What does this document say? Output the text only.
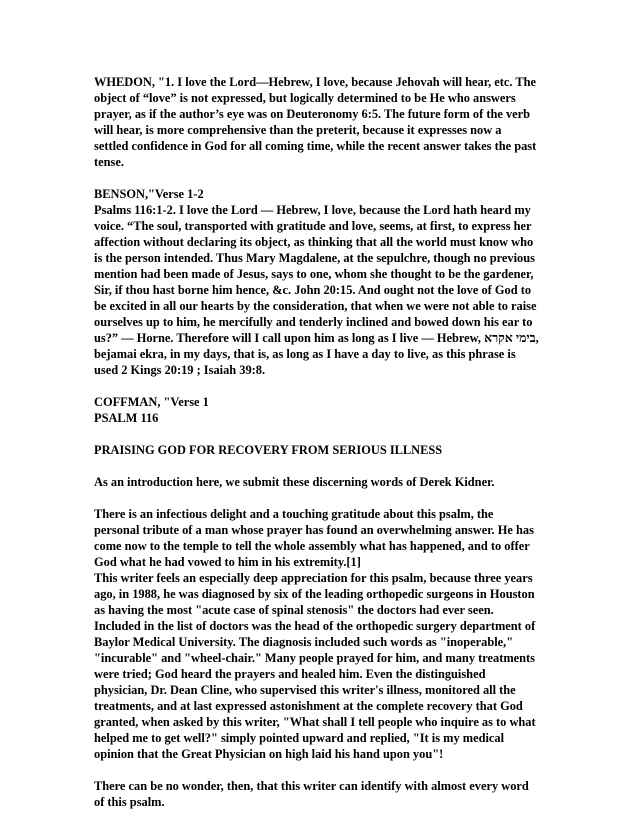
WHEDON, "1. I love the Lord—Hebrew, I love, because Jehovah will hear, etc. The
object of “love” is not expressed, but logically determined to be He who answers
prayer, as if the author’s eye was on Deuteronomy 6:5. The future form of the verb
will hear, is more comprehensive than the preterit, because it expresses now a
settled confidence in God for all coming time, while the recent answer takes the past
tense.
BENSON,"Verse 1-2
Psalms 116:1-2. I love the Lord — Hebrew, I love, because the Lord hath heard my
voice. “The soul, transported with gratitude and love, seems, at first, to express her
affection without declaring its object, as thinking that all the world must know who
is the person intended. Thus Mary Magdalene, at the sepulchre, though no previous
mention had been made of Jesus, says to one, whom she thought to be the gardener,
Sir, if thou hast borne him hence, &c. John 20:15. And ought not the love of God to
be excited in all our hearts by the consideration, that when we were not able to raise
ourselves up to him, he mercifully and tenderly inclined and bowed down his ear to
us?” — Horne. Therefore will I call upon him as long as I live — Hebrew, בימי אקרא,
bejamai ekra, in my days, that is, as long as I have a day to live, as this phrase is
used 2 Kings 20:19 ; Isaiah 39:8.
COFFMAN, "Verse 1
PSALM 116
PRAISING GOD FOR RECOVERY FROM SERIOUS ILLNESS
As an introduction here, we submit these discerning words of Derek Kidner.
There is an infectious delight and a touching gratitude about this psalm, the
personal tribute of a man whose prayer has found an overwhelming answer. He has
come now to the temple to tell the whole assembly what has happened, and to offer
God what he had vowed to him in his extremity.[1]
This writer feels an especially deep appreciation for this psalm, because three years
ago, in 1988, he was diagnosed by six of the leading orthopedic surgeons in Houston
as having the most "acute case of spinal stenosis" the doctors had ever seen.
Included in the list of doctors was the head of the orthopedic surgery department of
Baylor Medical University. The diagnosis included such words as "inoperable,"
"incurable" and "wheel-chair." Many people prayed for him, and many treatments
were tried; God heard the prayers and healed him. Even the distinguished
physician, Dr. Dean Cline, who supervised this writer's illness, monitored all the
treatments, and at last expressed astonishment at the complete recovery that God
granted, when asked by this writer, "What shall I tell people who inquire as to what
helped me to get well?" simply pointed upward and replied, "It is my medical
opinion that the Great Physician on high laid his hand upon you"!
There can be no wonder, then, that this writer can identify with almost every word
of this psalm.
